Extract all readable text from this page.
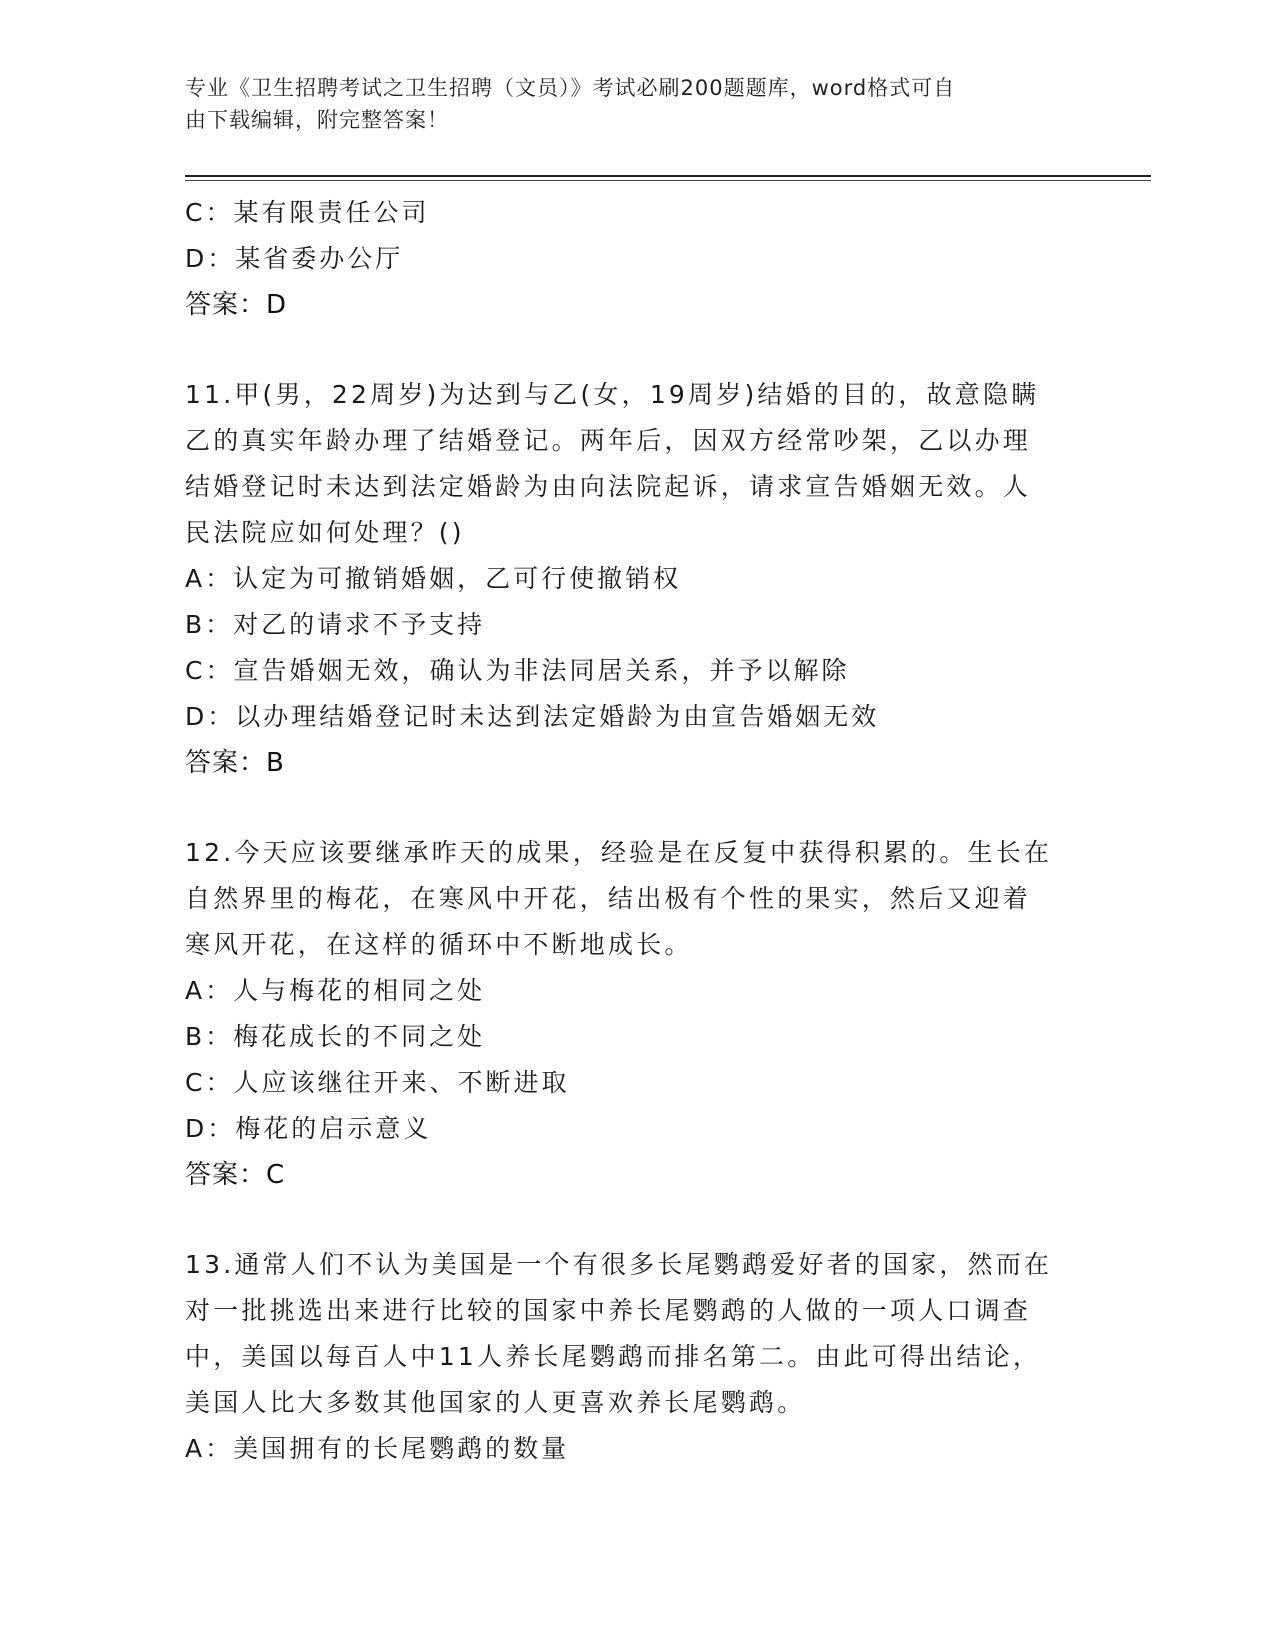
专业《卫生招聘考试之卫生招聘（文员）》考试必刷200题题库，word格式可自
由下载编辑，附完整答案！
C：某有限责任公司
D：某省委办公厅
答案：D
11.甲(男，22周岁)为达到与乙(女，19周岁)结婚的目的，故意隐瞒
乙的真实年龄办理了结婚登记。两年后，因双方经常吵架，乙以办理
结婚登记时未达到法定婚龄为由向法院起诉，请求宣告婚姻无效。人
民法院应如何处理？()
A：认定为可撤销婚姻，乙可行使撤销权
B：对乙的请求不予支持
C：宣告婚姻无效，确认为非法同居关系，并予以解除
D：以办理结婚登记时未达到法定婚龄为由宣告婚姻无效
答案：B
12.今天应该要继承昨天的成果，经验是在反复中获得积累的。生长在
自然界里的梅花，在寒风中开花，结出极有个性的果实，然后又迎着
寒风开花，在这样的循环中不断地成长。
A：人与梅花的相同之处
B：梅花成长的不同之处
C：人应该继往开来、不断进取
D：梅花的启示意义
答案：C
13.通常人们不认为美国是一个有很多长尾鹦鹉爱好者的国家，然而在
对一批挑选出来进行比较的国家中养长尾鹦鹉的人做的一项人口调查
中，美国以每百人中11人养长尾鹦鹉而排名第二。由此可得出结论，
美国人比大多数其他国家的人更喜欢养长尾鹦鹉。
A：美国拥有的长尾鹦鹉的数量
